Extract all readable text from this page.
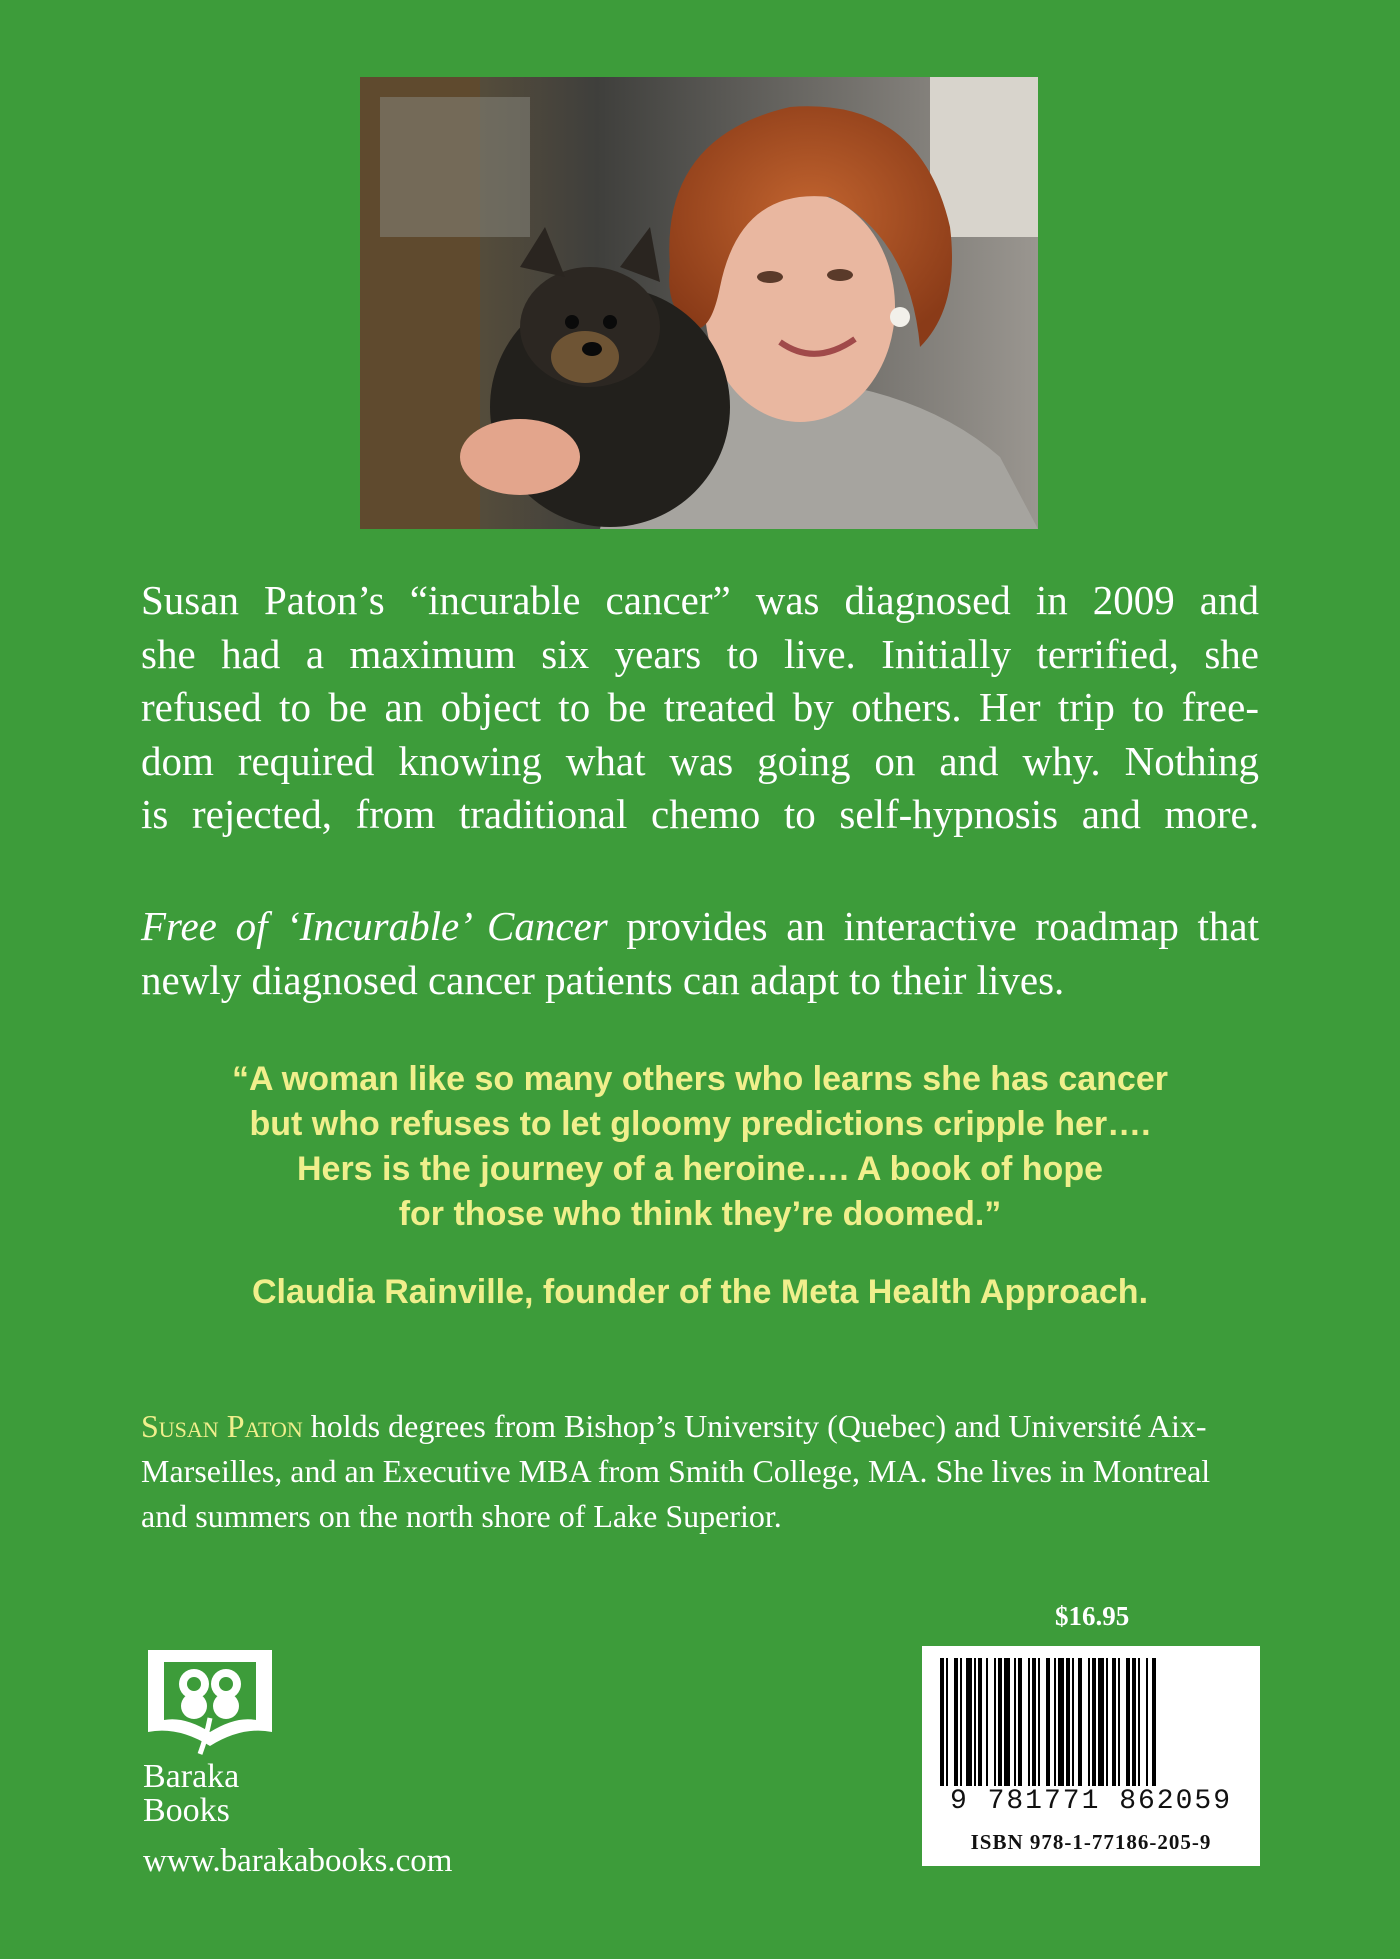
Susan Paton’s “incurable cancer” was diagnosed in 2009 and
she had a maximum six years to live. Initially terrified, she
refused to be an object to be treated by others. Her trip to free-
dom required knowing what was going on and why. Nothing
is rejected, from traditional chemo to self-hypnosis and more.
Free of ‘Incurable’ Cancer provides an interactive roadmap that
newly diagnosed cancer patients can adapt to their lives.
“A woman like so many others who learns she has cancer
but who refuses to let gloomy predictions cripple her….
Hers is the journey of a heroine…. A book of hope
for those who think they’re doomed.”
Claudia Rainville, founder of the Meta Health Approach.
Susan Paton holds degrees from Bishop’s University (Quebec) and Université Aix-Marseilles, and an Executive MBA from Smith College, MA. She lives in Montreal and summers on the north shore of Lake Superior.
$16.95
9 781771 862059
ISBN 978-1-77186-205-9
Baraka
Books
www.barakabooks.com
